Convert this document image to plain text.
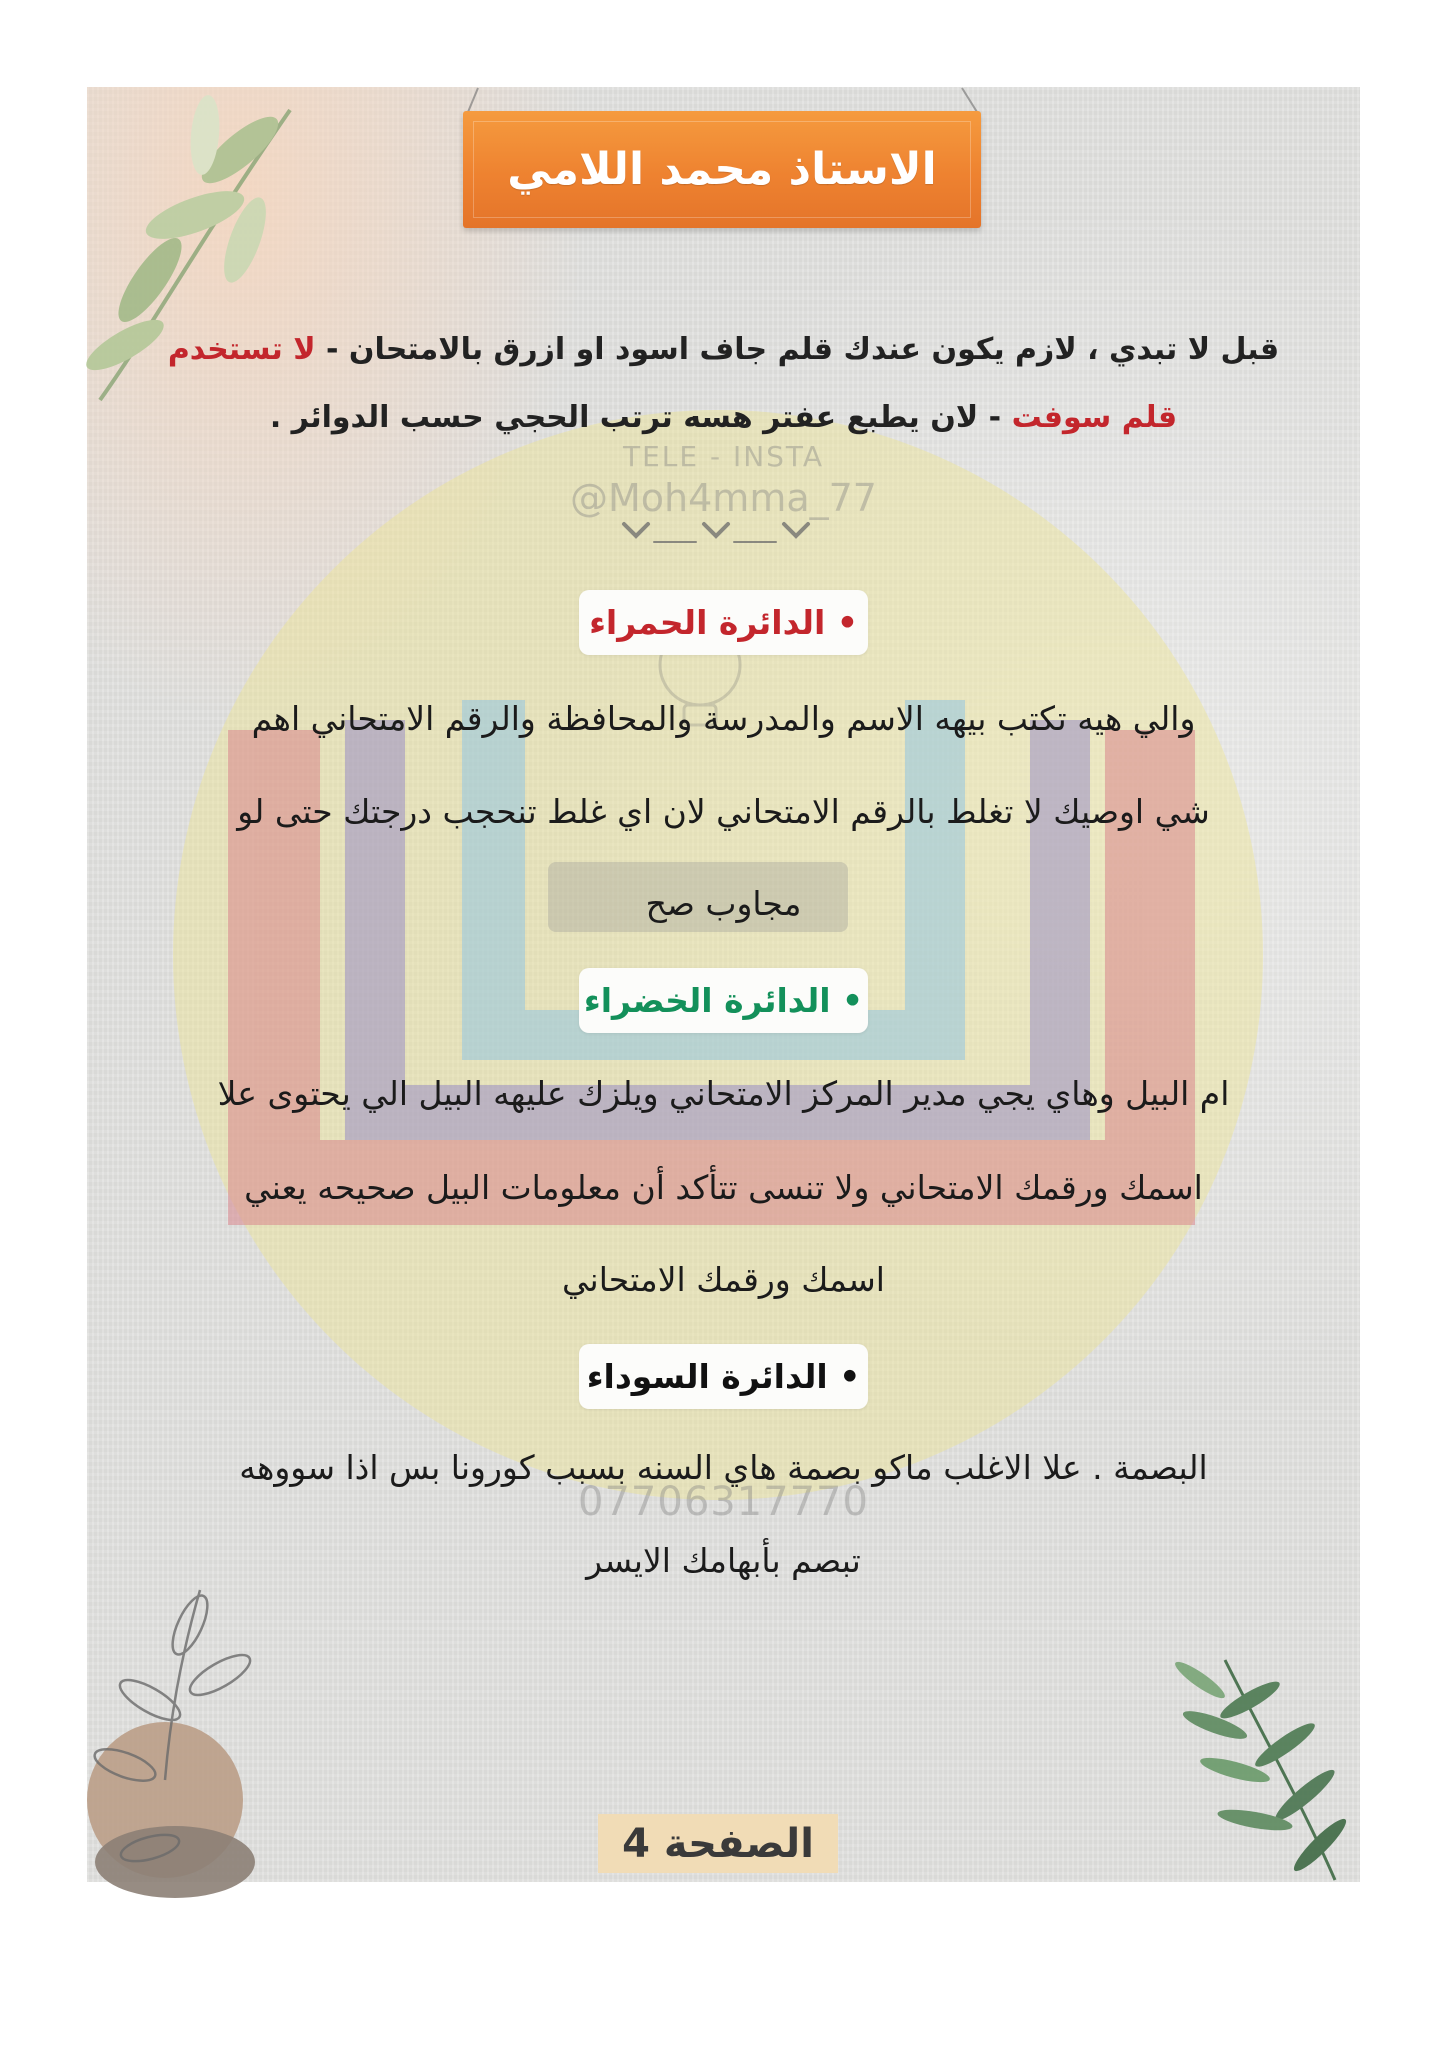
الاستاذ محمد اللامي
قبل لا تبدي ، لازم يكون عندك قلم جاف اسود او ازرق بالامتحان - لا تستخدم
قلم سوفت - لان يطبع عفتر هسه ترتب الحجي حسب الدوائر .
TELE - INSTA
@Moh4mma_77
07706317770
• الدائرة الحمراء
والي هيه تكتب بيهه الاسم والمدرسة والمحافظة والرقم الامتحاني اهم
شي اوصيك لا تغلط بالرقم الامتحاني لان اي غلط تنحجب درجتك حتى لو
مجاوب صح
• الدائرة الخضراء
ام البيل وهاي يجي مدير المركز الامتحاني ويلزك عليهه البيل الي يحتوى علا
اسمك ورقمك الامتحاني ولا تنسى تتأكد أن معلومات البيل صحيحه يعني
اسمك ورقمك الامتحاني
• الدائرة السوداء
البصمة . علا الاغلب ماكو بصمة هاي السنه بسبب كورونا بس اذا سووهه
تبصم بأبهامك الايسر
الصفحة 4
